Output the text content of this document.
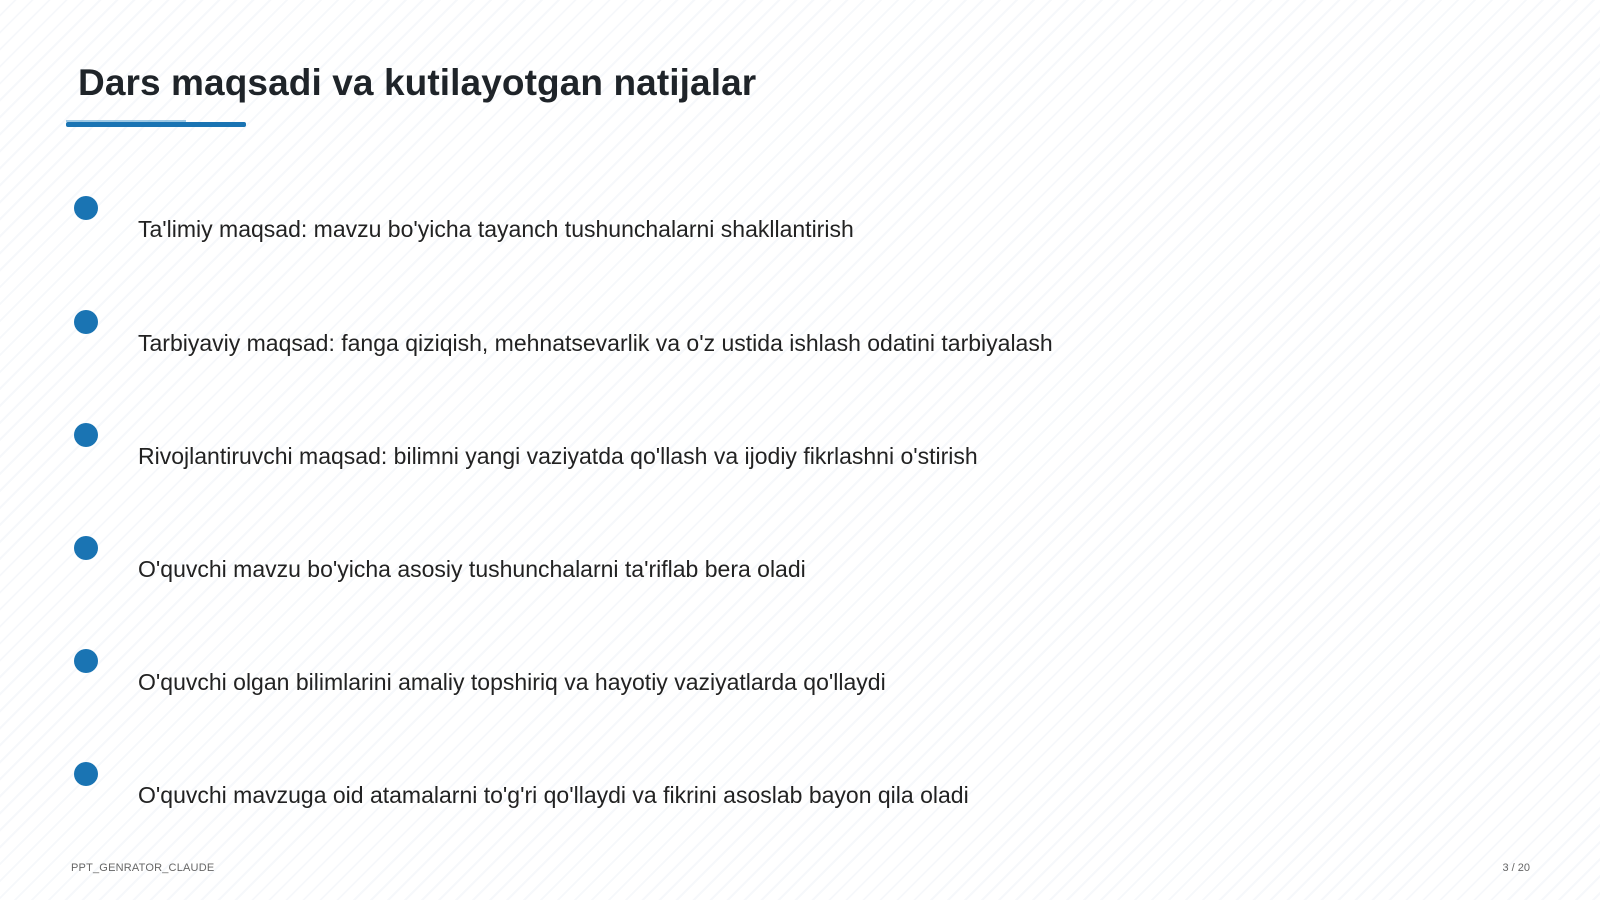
Dars maqsadi va kutilayotgan natijalar
Ta'limiy maqsad: mavzu bo'yicha tayanch tushunchalarni shakllantirish
Tarbiyaviy maqsad: fanga qiziqish, mehnatsevarlik va o'z ustida ishlash odatini tarbiyalash
Rivojlantiruvchi maqsad: bilimni yangi vaziyatda qo'llash va ijodiy fikrlashni o'stirish
O'quvchi mavzu bo'yicha asosiy tushunchalarni ta'riflab bera oladi
O'quvchi olgan bilimlarini amaliy topshiriq va hayotiy vaziyatlarda qo'llaydi
O'quvchi mavzuga oid atamalarni to'g'ri qo'llaydi va fikrini asoslab bayon qila oladi
PPT_GENRATOR_CLAUDE	3 / 20
